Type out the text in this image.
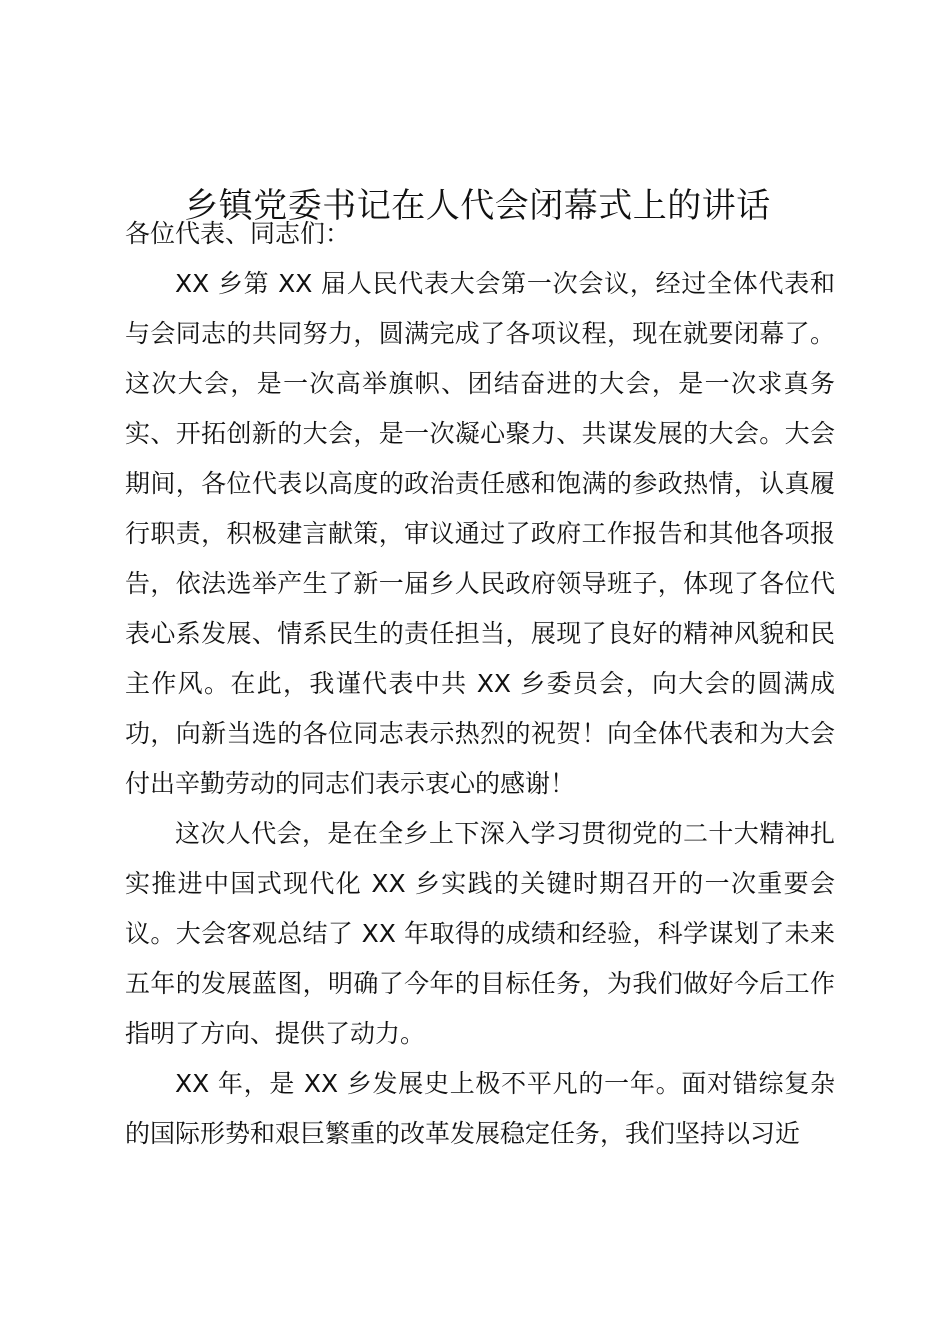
乡镇党委书记在人代会闭幕式上的讲话

各位代表、同志们：

XX 乡第 XX 届人民代表大会第一次会议，经过全体代表和与会同志的共同努力，圆满完成了各项议程，现在就要闭幕了。这次大会，是一次高举旗帜、团结奋进的大会，是一次求真务实、开拓创新的大会，是一次凝心聚力、共谋发展的大会。大会期间，各位代表以高度的政治责任感和饱满的参政热情，认真履行职责，积极建言献策，审议通过了政府工作报告和其他各项报告，依法选举产生了新一届乡人民政府领导班子，体现了各位代表心系发展、情系民生的责任担当，展现了良好的精神风貌和民主作风。在此，我谨代表中共 XX 乡委员会，向大会的圆满成功，向新当选的各位同志表示热烈的祝贺！向全体代表和为大会付出辛勤劳动的同志们表示衷心的感谢！

这次人代会，是在全乡上下深入学习贯彻党的二十大精神扎实推进中国式现代化 XX 乡实践的关键时期召开的一次重要会议。大会客观总结了 XX 年取得的成绩和经验，科学谋划了未来五年的发展蓝图，明确了今年的目标任务，为我们做好今后工作指明了方向、提供了动力。

XX 年，是 XX 乡发展史上极不平凡的一年。面对错综复杂的国际形势和艰巨繁重的改革发展稳定任务，我们坚持以习近
